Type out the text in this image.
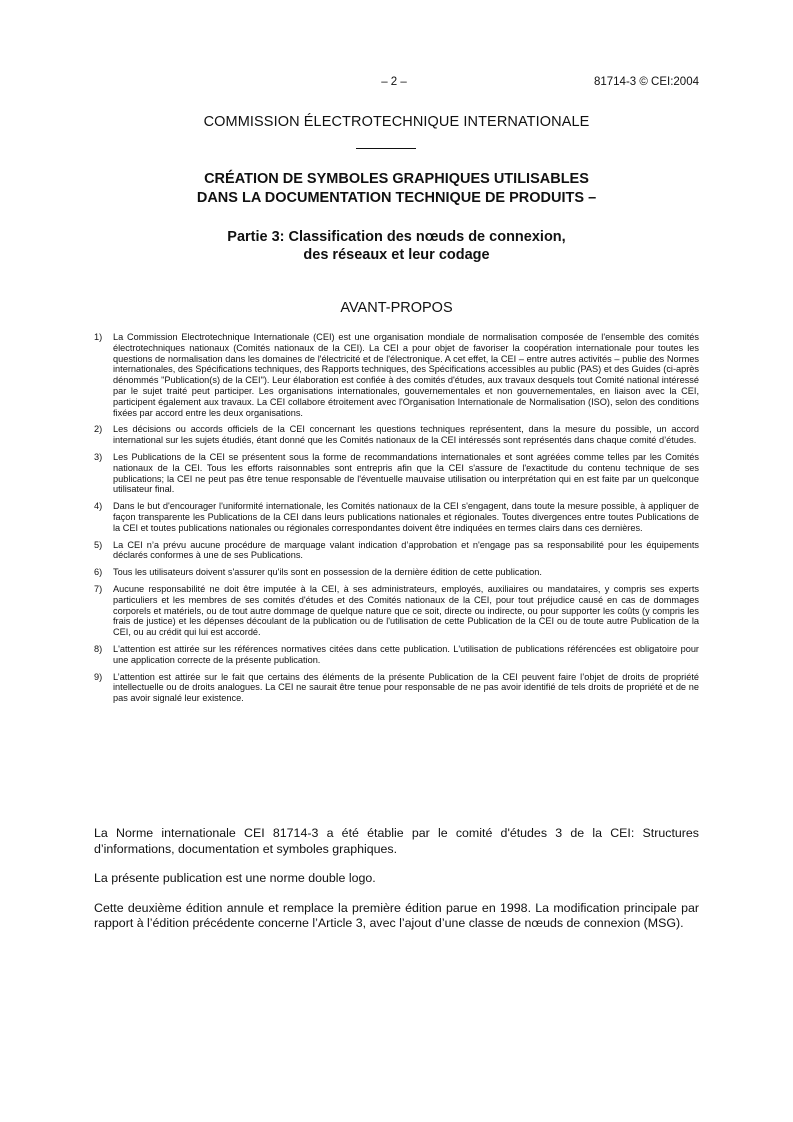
– 2 –	81714-3 © CEI:2004
COMMISSION ÉLECTROTECHNIQUE INTERNATIONALE
CRÉATION DE SYMBOLES GRAPHIQUES UTILISABLES
DANS LA DOCUMENTATION TECHNIQUE DE PRODUITS –
Partie 3: Classification des nœuds de connexion,
des réseaux et leur codage
AVANT-PROPOS
1) La Commission Electrotechnique Internationale (CEI) est une organisation mondiale de normalisation composée de l'ensemble des comités électrotechniques nationaux (Comités nationaux de la CEI). La CEI a pour objet de favoriser la coopération internationale pour toutes les questions de normalisation dans les domaines de l'électricité et de l'électronique. A cet effet, la CEI – entre autres activités – publie des Normes internationales, des Spécifications techniques, des Rapports techniques, des Spécifications accessibles au public (PAS) et des Guides (ci-après dénommés "Publication(s) de la CEI"). Leur élaboration est confiée à des comités d'études, aux travaux desquels tout Comité national intéressé par le sujet traité peut participer. Les organisations internationales, gouvernementales et non gouvernementales, en liaison avec la CEI, participent également aux travaux. La CEI collabore étroitement avec l'Organisation Internationale de Normalisation (ISO), selon des conditions fixées par accord entre les deux organisations.
2) Les décisions ou accords officiels de la CEI concernant les questions techniques représentent, dans la mesure du possible, un accord international sur les sujets étudiés, étant donné que les Comités nationaux de la CEI intéressés sont représentés dans chaque comité d’études.
3) Les Publications de la CEI se présentent sous la forme de recommandations internationales et sont agréées comme telles par les Comités nationaux de la CEI. Tous les efforts raisonnables sont entrepris afin que la CEI s'assure de l'exactitude du contenu technique de ses publications; la CEI ne peut pas être tenue responsable de l'éventuelle mauvaise utilisation ou interprétation qui en est faite par un quelconque utilisateur final.
4) Dans le but d'encourager l'uniformité internationale, les Comités nationaux de la CEI s'engagent, dans toute la mesure possible, à appliquer de façon transparente les Publications de la CEI dans leurs publications nationales et régionales. Toutes divergences entre toutes Publications de la CEI et toutes publications nationales ou régionales correspondantes doivent être indiquées en termes clairs dans ces dernières.
5) La CEI n’a prévu aucune procédure de marquage valant indication d’approbation et n'engage pas sa responsabilité pour les équipements déclarés conformes à une de ses Publications.
6) Tous les utilisateurs doivent s'assurer qu'ils sont en possession de la dernière édition de cette publication.
7) Aucune responsabilité ne doit être imputée à la CEI, à ses administrateurs, employés, auxiliaires ou mandataires, y compris ses experts particuliers et les membres de ses comités d'études et des Comités nationaux de la CEI, pour tout préjudice causé en cas de dommages corporels et matériels, ou de tout autre dommage de quelque nature que ce soit, directe ou indirecte, ou pour supporter les coûts (y compris les frais de justice) et les dépenses découlant de la publication ou de l'utilisation de cette Publication de la CEI ou de toute autre Publication de la CEI, ou au crédit qui lui est accordé.
8) L'attention est attirée sur les références normatives citées dans cette publication. L'utilisation de publications référencées est obligatoire pour une application correcte de la présente publication.
9) L’attention est attirée sur le fait que certains des éléments de la présente Publication de la CEI peuvent faire l’objet de droits de propriété intellectuelle ou de droits analogues. La CEI ne saurait être tenue pour responsable de ne pas avoir identifié de tels droits de propriété et de ne pas avoir signalé leur existence.

La Norme internationale CEI 81714-3 a été établie par le comité d'études 3 de la CEI: Structures d’informations, documentation et symboles graphiques.

La présente publication est une norme double logo.

Cette deuxième édition annule et remplace la première édition parue en 1998. La modification principale par rapport à l’édition précédente concerne l’Article 3, avec l’ajout d’une classe de nœuds de connexion (MSG).
